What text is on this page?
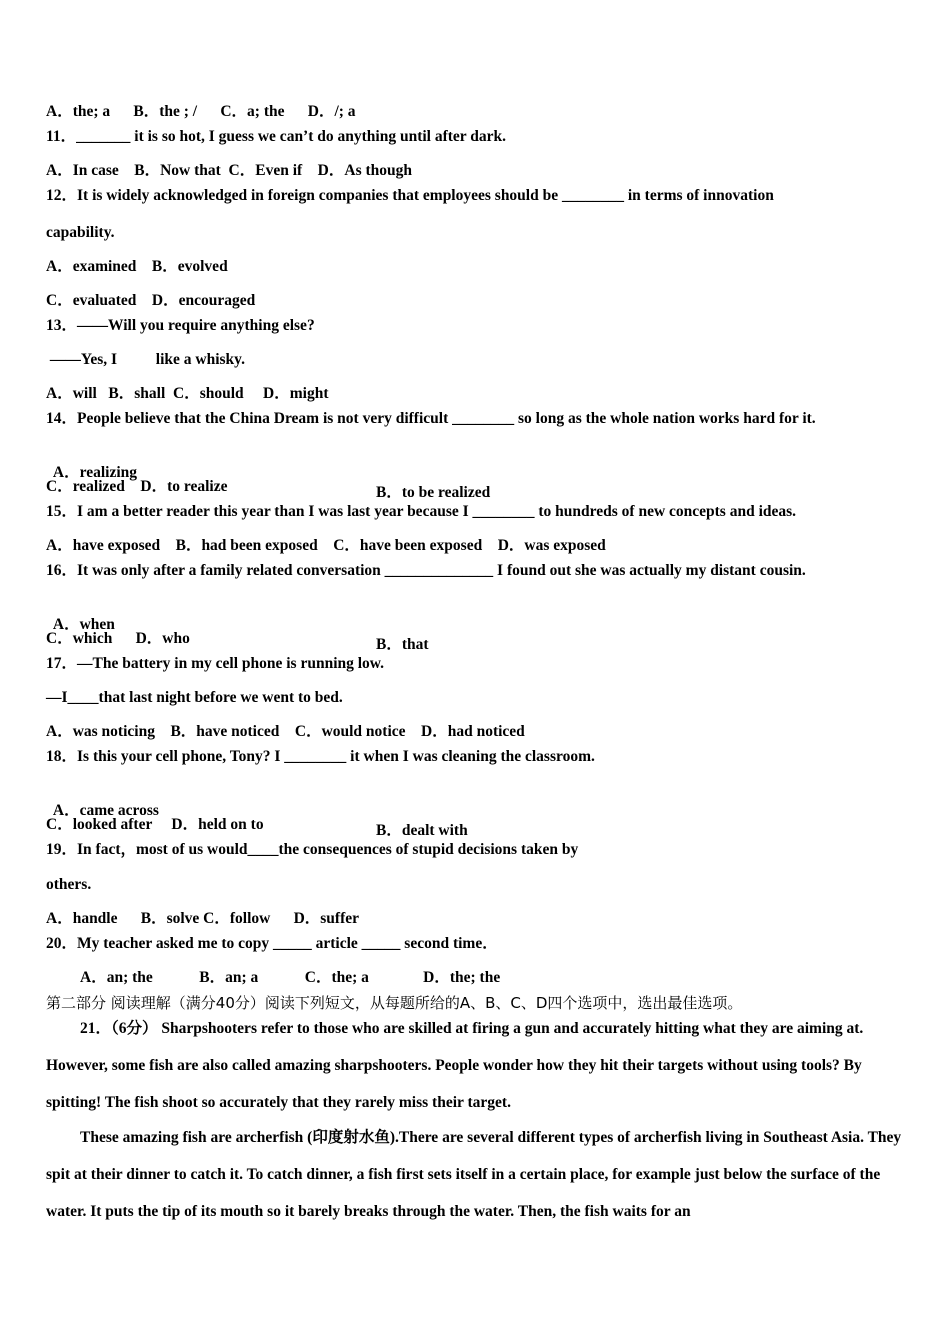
A．the; a      B．the ; /      C．a; the      D．/; a
11．_______ it is so hot, I guess we can’t do anything until after dark.
A．In case    B．Now that  C．Even if    D．As though
12．It is widely acknowledged in foreign companies that employees should be ________ in terms of innovation
capability.
A．examined    B．evolved
C．evaluated    D．encouraged
13．——Will you require anything else?
——Yes, I          like a whisky.
A．will   B．shall  C．should     D．might
14．People believe that the China Dream is not very difficult ________ so long as the whole nation works hard for it.

A．realizing

B．to be realized

C．realized    D．to realize
15．I am a better reader this year than I was last year because I ________ to hundreds of new concepts and ideas.
A．have exposed    B．had been exposed    C．have been exposed    D．was exposed
16．It was only after a family related conversation ______________ I found out she was actually my distant cousin.

A．when

B．that

C．which      D．who
17．—The battery in my cell phone is running low.
—I____that last night before we went to bed.
A．was noticing    B．have noticed    C．would notice    D．had noticed
18．Is this your cell phone, Tony? I ________ it when I was cleaning the classroom.

A．came across

B．dealt with

C．looked after     D．held on to
19．In fact，most of us would____the consequences of stupid decisions taken by
others.
A．handle      B．solve C．follow      D．suffer
20．My teacher asked me to copy _____ article _____ second time．
A．an; the            B．an; a            C．the; a              D．the; the
第二部分 阅读理解（满分40分）阅读下列短文，从每题所给的A、B、C、D四个选项中，选出最佳选项。
21．（6分） Sharpshooters refer to those who are skilled at firing a gun and accurately hitting what they are aiming at. However, some fish are also called amazing sharpshooters. People wonder how they hit their targets without using tools? By spitting! The fish shoot so accurately that they rarely miss their target.
These amazing fish are archerfish (印度射水鱼).There are several different types of archerfish living in Southeast Asia. They spit at their dinner to catch it. To catch dinner, a fish first sets itself in a certain place, for example just below the surface of the water. It puts the tip of its mouth so it barely breaks through the water. Then, the fish waits for an
